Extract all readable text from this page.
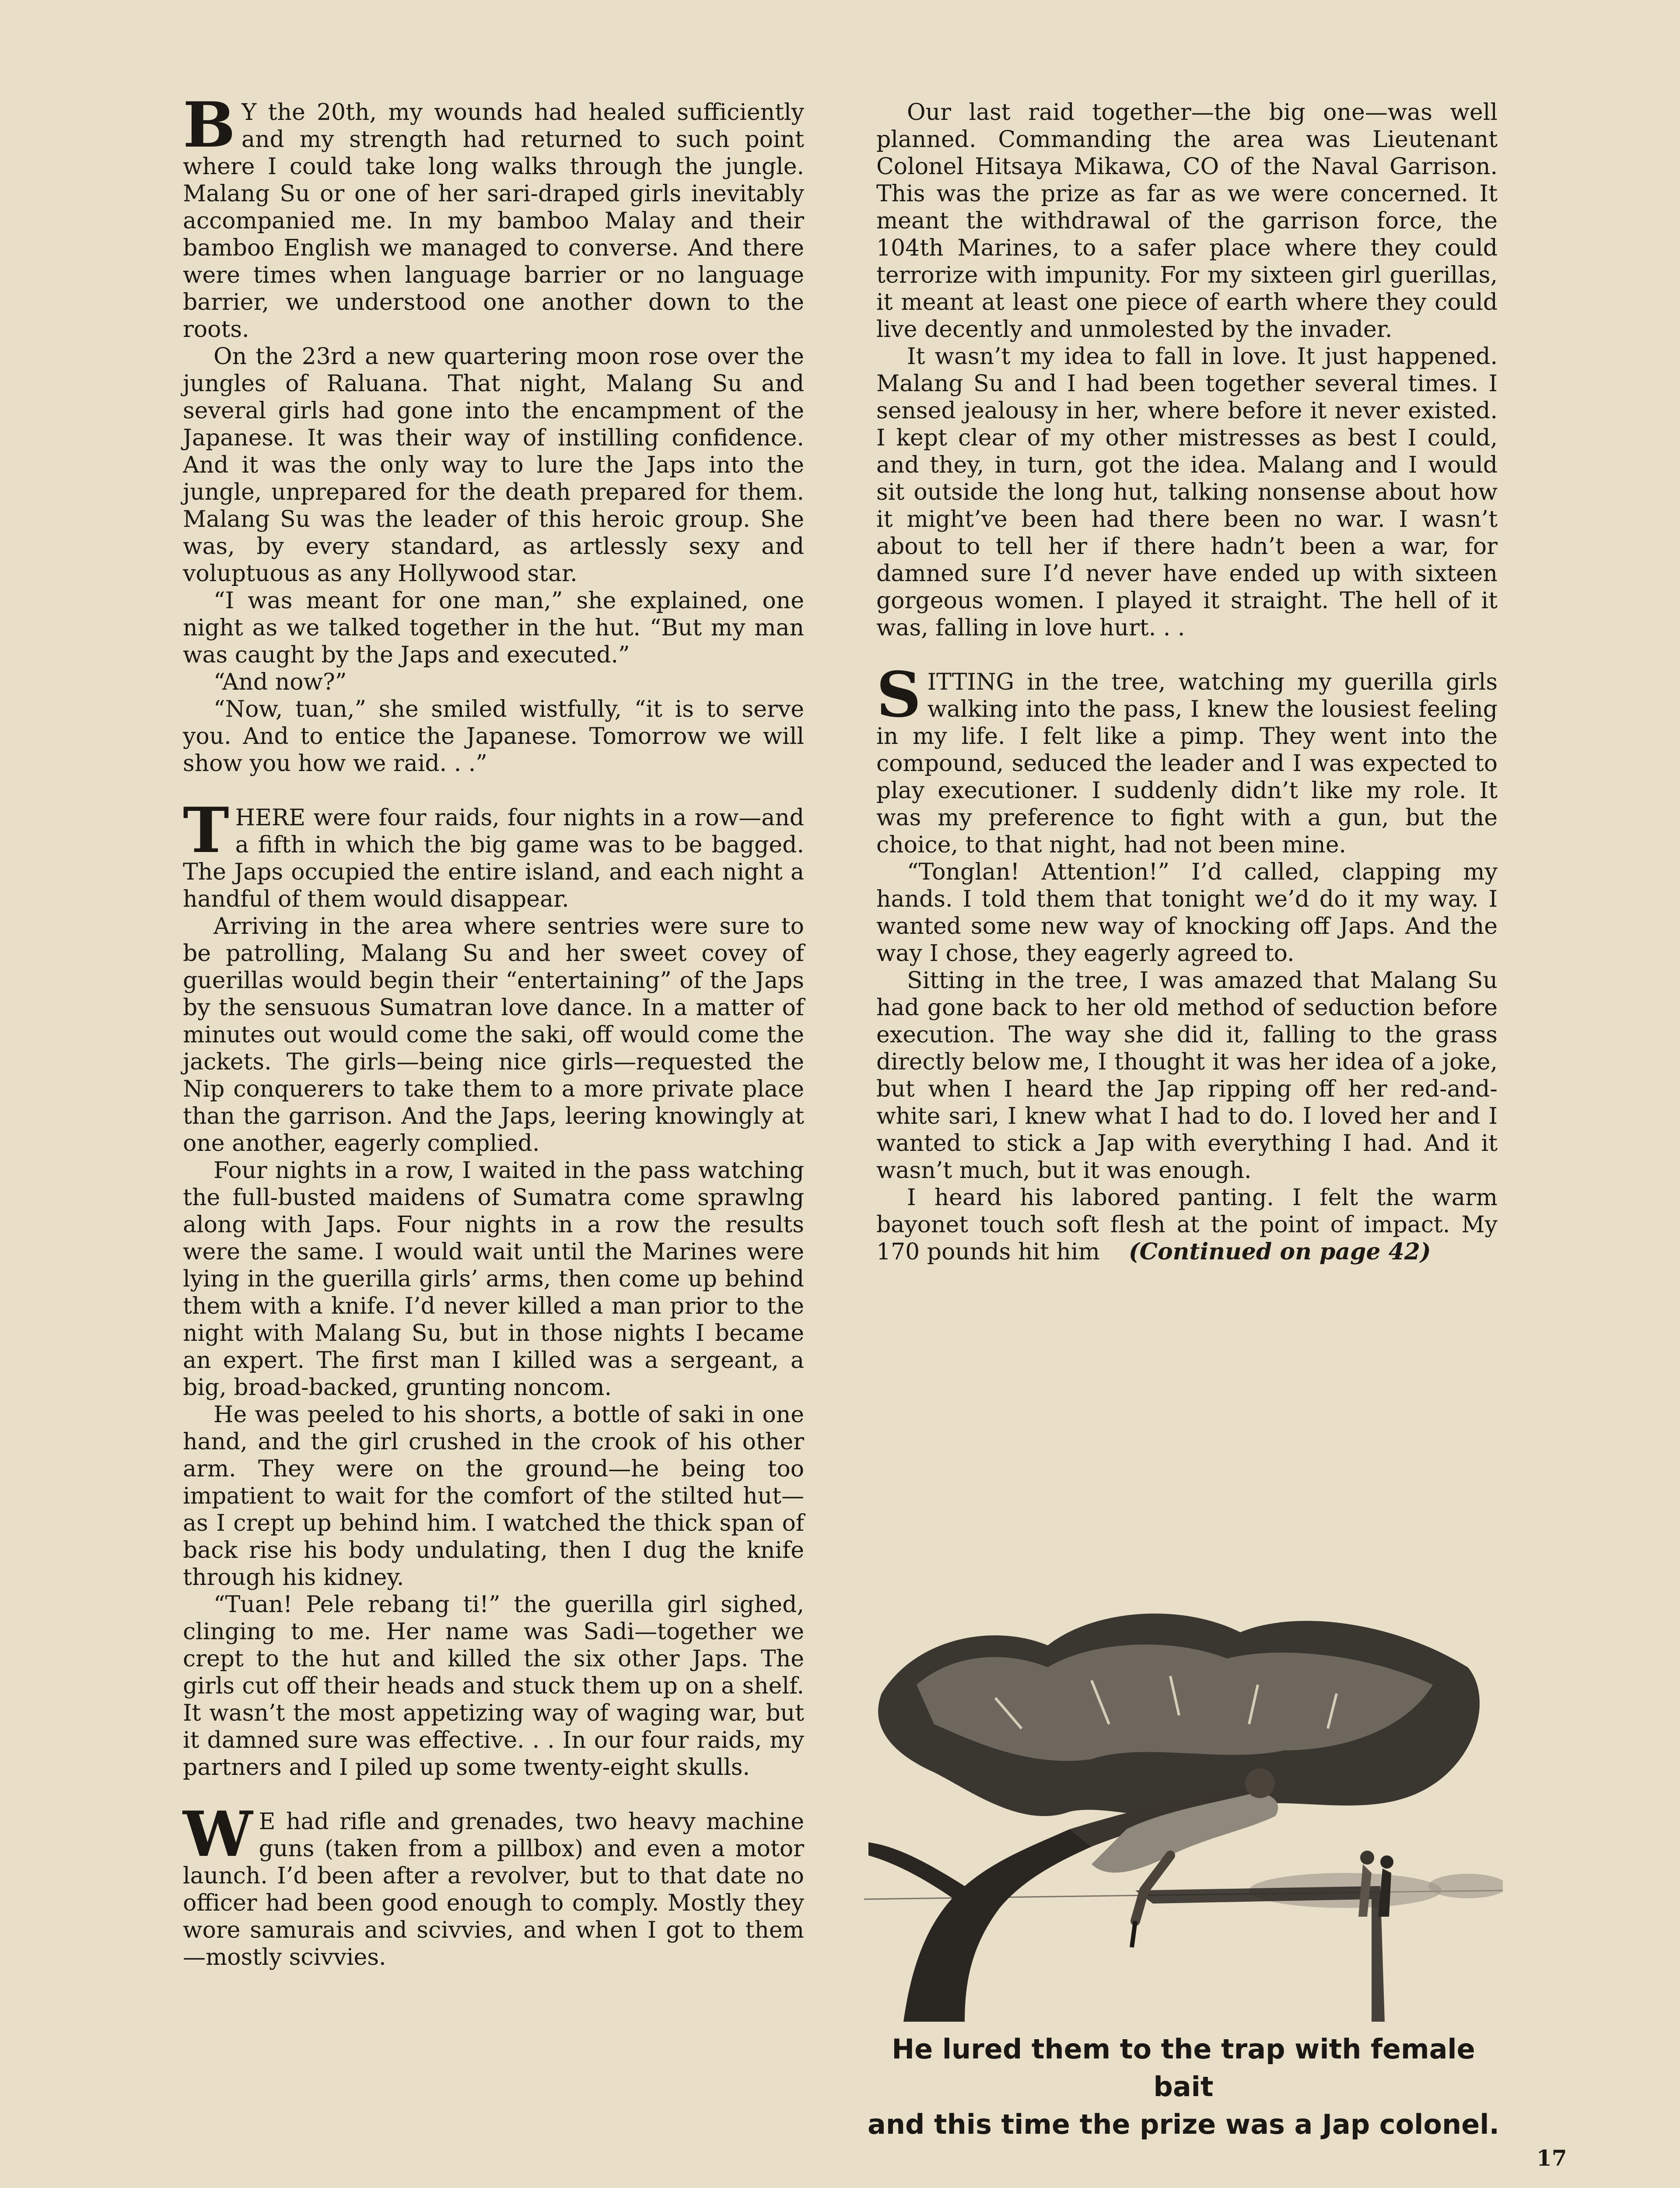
B Y the 20th, my wounds had healed sufficiently and my strength had returned to such point where I could take long walks through the jungle. Malang Su or one of her sari-draped girls inevitably accompanied me. In my bamboo Malay and their bamboo English we managed to converse. And there were times when language barrier or no language barrier, we understood one another down to the roots.

On the 23rd a new quartering moon rose over the jungles of Raluana. That night, Malang Su and several girls had gone into the encampment of the Japanese. It was their way of instilling confidence. And it was the only way to lure the Japs into the jungle, unprepared for the death prepared for them. Malang Su was the leader of this heroic group. She was, by every standard, as artlessly sexy and voluptuous as any Hollywood star.

“I was meant for one man,” she explained, one night as we talked together in the hut. “But my man was caught by the Japs and executed.”

“And now?”

“Now, tuan,” she smiled wistfully, “it is to serve you. And to entice the Japanese. Tomorrow we will show you how we raid. . .”

THERE were four raids, four nights in a row—and a fifth in which the big game was to be bagged. The Japs occupied the entire island, and each night a handful of them would disappear.

Arriving in the area where sentries were sure to be patrolling, Malang Su and her sweet covey of guerillas would begin their “entertaining” of the Japs by the sensuous Sumatran love dance. In a matter of minutes out would come the saki, off would come the jackets. The girls—being nice girls—requested the Nip conquerers to take them to a more private place than the garrison. And the Japs, leering knowingly at one another, eagerly complied.

Four nights in a row, I waited in the pass watching the full-busted maidens of Sumatra come sprawlng along with Japs. Four nights in a row the results were the same. I would wait until the Marines were lying in the guerilla girls’ arms, then come up behind them with a knife. I’d never killed a man prior to the night with Malang Su, but in those nights I became an expert. The first man I killed was a sergeant, a big, broad-backed, grunting noncom.

He was peeled to his shorts, a bottle of saki in one hand, and the girl crushed in the crook of his other arm. They were on the ground—he being too impatient to wait for the comfort of the stilted hut—as I crept up behind him. I watched the thick span of back rise his body undulating, then I dug the knife through his kidney.

“Tuan! Pele rebang ti!” the guerilla girl sighed, clinging to me. Her name was Sadi—together we crept to the hut and killed the six other Japs. The girls cut off their heads and stuck them up on a shelf. It wasn’t the most appetizing way of waging war, but it damned sure was effective. . . In our four raids, my partners and I piled up some twenty-eight skulls.

W E had rifle and grenades, two heavy machine guns (taken from a pillbox) and even a motor launch. I’d been after a revolver, but to that date no officer had been good enough to comply. Mostly they wore samurais and scivvies, and when I got to them—mostly scivvies.

Our last raid together—the big one—was well planned. Commanding the area was Lieutenant Colonel Hitsaya Mikawa, CO of the Naval Garrison. This was the prize as far as we were concerned. It meant the withdrawal of the garrison force, the 104th Marines, to a safer place where they could terrorize with impunity. For my sixteen girl guerillas, it meant at least one piece of earth where they could live decently and unmolested by the invader.

It wasn’t my idea to fall in love. It just happened. Malang Su and I had been together several times. I sensed jealousy in her, where before it never existed. I kept clear of my other mistresses as best I could, and they, in turn, got the idea. Malang and I would sit outside the long hut, talking nonsense about how it might’ve been had there been no war. I wasn’t about to tell her if there hadn’t been a war, for damned sure I’d never have ended up with sixteen gorgeous women. I played it straight. The hell of it was, falling in love hurt. . .

SITTING in the tree, watching my guerilla girls walking into the pass, I knew the lousiest feeling in my life. I felt like a pimp. They went into the compound, seduced the leader and I was expected to play executioner. I suddenly didn’t like my role. It was my preference to fight with a gun, but the choice, to that night, had not been mine.

“Tonglan! Attention!” I’d called, clapping my hands. I told them that tonight we’d do it my way. I wanted some new way of knocking off Japs. And the way I chose, they eagerly agreed to.

Sitting in the tree, I was amazed that Malang Su had gone back to her old method of seduction before execution. The way she did it, falling to the grass directly below me, I thought it was her idea of a joke, but when I heard the Jap ripping off her red-and-white sari, I knew what I had to do. I loved her and I wanted to stick a Jap with everything I had. And it wasn’t much, but it was enough.

I heard his labored panting. I felt the warm bayonet touch soft flesh at the point of impact. My 170 pounds hit him (Continued on page 42)

He lured them to the trap with female bait
and this time the prize was a Jap colonel.
17
